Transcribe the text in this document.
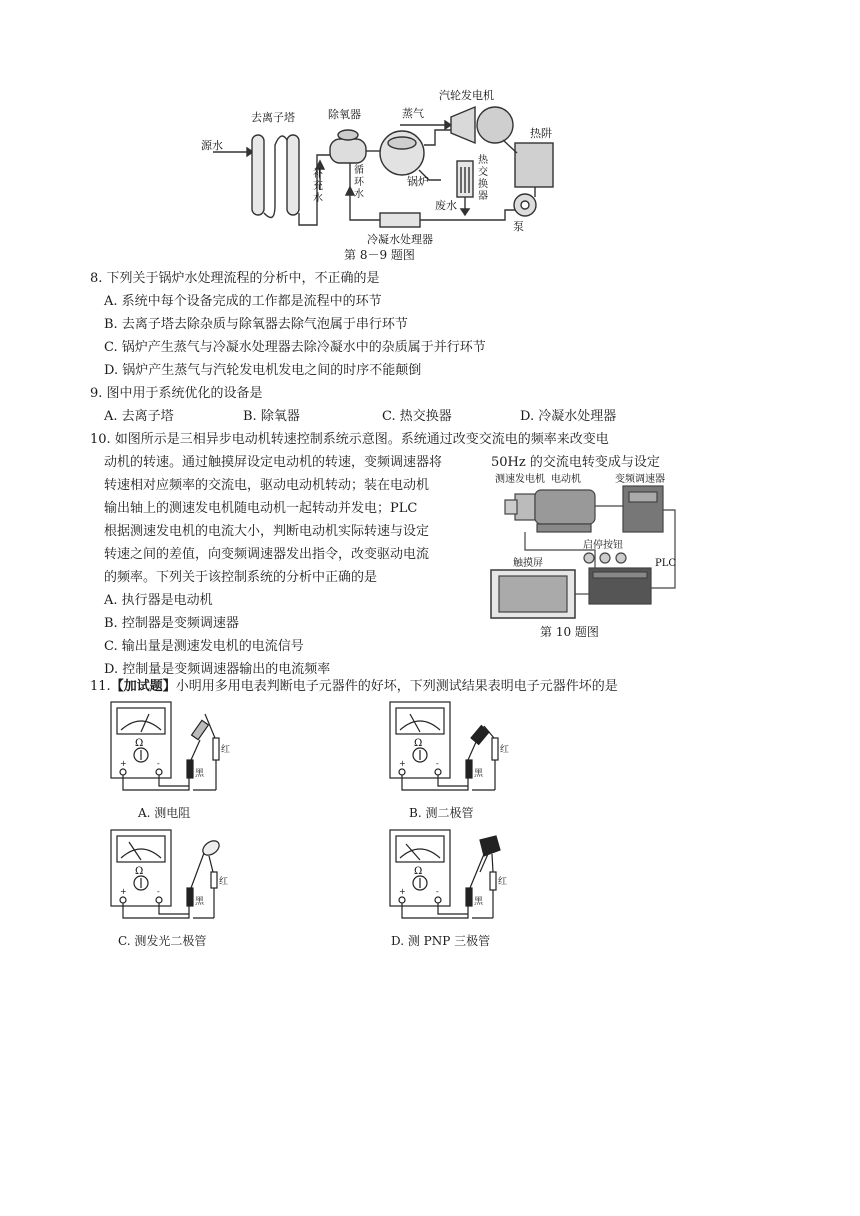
源水
去离子塔	除氧器
补
充
水
循
环
水
蒸气
汽轮发电机
热阱
锅炉
热
交
换
器
废水
泵
冷凝水处理器
第 8－9 题图
8. 下列关于锅炉水处理流程的分析中，不正确的是
A. 系统中每个设备完成的工作都是流程中的环节
B. 去离子塔去除杂质与除氧器去除气泡属于串行环节
C. 锅炉产生蒸气与冷凝水处理器去除冷凝水中的杂质属于并行环节
D. 锅炉产生蒸气与汽轮发电机发电之间的时序不能颠倒
9. 图中用于系统优化的设备是
A. 去离子塔	B. 除氧器	C. 热交换器	D. 冷凝水处理器
10. 如图所示是三相异步电动机转速控制系统示意图。系统通过改变交流电的频率来改变电
动机的转速。通过触摸屏设定电动机的转速，变频调速器将	50Hz 的交流电转变成与设定
转速相对应频率的交流电，驱动电动机转动；装在电动机
输出轴上的测速发电机随电动机一起转动并发电；PLC
根据测速发电机的电流大小，判断电动机实际转速与设定
转速之间的差值，向变频调速器发出指令，改变驱动电流
的频率。下列关于该控制系统的分析中正确的是
A. 执行器是电动机
B. 控制器是变频调速器
C. 输出量是测速发电机的电流信号
D. 控制量是变频调速器输出的电流频率
测速发电机 电动机	变频调速器
启停按钮
触摸屏	PLC
第 10 题图
11.【加试题】小明用多用电表判断电子元器件的好坏，下列测试结果表明电子元器件坏的是
Ω
+	-
红
黑
A. 测电阻
Ω
+	-
红
黑
B. 测二极管
Ω
+	-
红
黑
C. 测发光二极管
Ω
+	-
红
黑
D. 测 PNP 三极管
